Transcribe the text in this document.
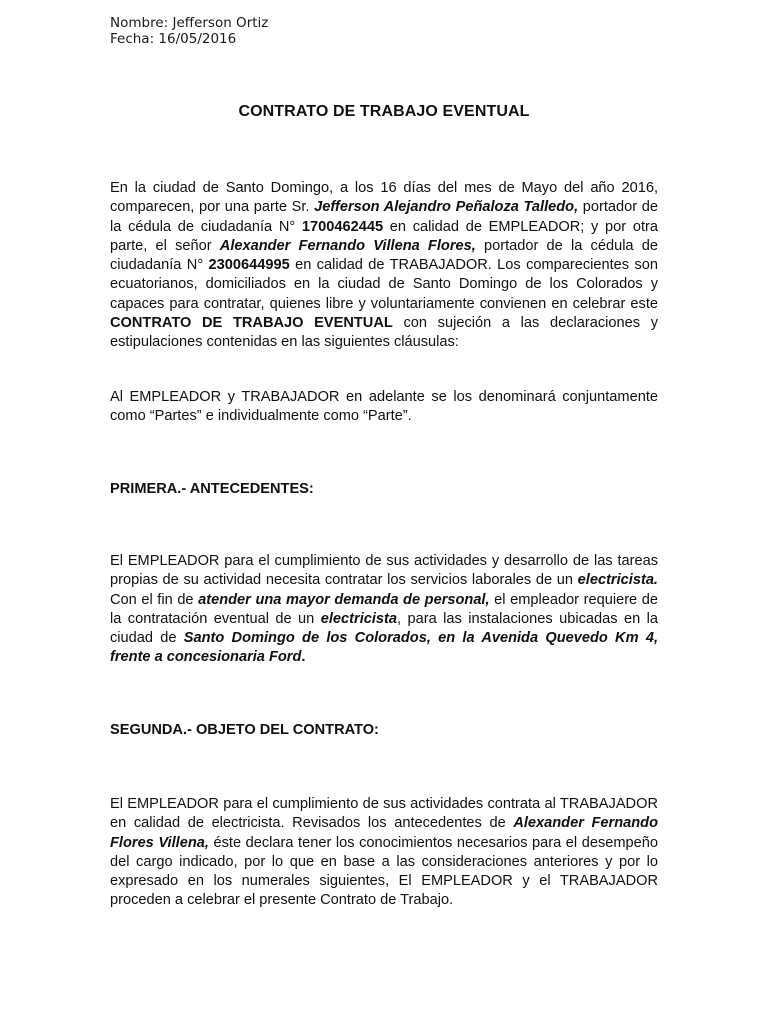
Nombre: Jefferson Ortiz
Fecha: 16/05/2016
CONTRATO DE TRABAJO EVENTUAL

En la ciudad de Santo Domingo, a los 16 días del mes de Mayo del año 2016, comparecen, por una parte Sr. Jefferson Alejandro Peñaloza Talledo, portador de la cédula de ciudadanía N° 1700462445 en calidad de EMPLEADOR; y por otra parte, el señor Alexander Fernando Villena Flores, portador de la cédula de ciudadanía N° 2300644995 en calidad de TRABAJADOR. Los comparecientes son ecuatorianos, domiciliados en la ciudad de Santo Domingo de los Colorados y capaces para contratar, quienes libre y voluntariamente convienen en celebrar este CONTRATO DE TRABAJO EVENTUAL con sujeción a las declaraciones y estipulaciones contenidas en las siguientes cláusulas:

Al EMPLEADOR y TRABAJADOR en adelante se los denominará conjuntamente como “Partes” e individualmente como “Parte”.

PRIMERA.- ANTECEDENTES:

El EMPLEADOR para el cumplimiento de sus actividades y desarrollo de las tareas propias de su actividad necesita contratar los servicios laborales de un electricista. Con el fin de atender una mayor demanda de personal, el empleador requiere de la contratación eventual de un electricista, para las instalaciones ubicadas en la ciudad de Santo Domingo de los Colorados, en la Avenida Quevedo Km 4, frente a concesionaria Ford.

SEGUNDA.- OBJETO DEL CONTRATO:

El EMPLEADOR para el cumplimiento de sus actividades contrata al TRABAJADOR en calidad de electricista. Revisados los antecedentes de Alexander Fernando Flores Villena, éste declara tener los conocimientos necesarios para el desempeño del cargo indicado, por lo que en base a las consideraciones anteriores y por lo expresado en los numerales siguientes, El EMPLEADOR y el TRABAJADOR proceden a celebrar el presente Contrato de Trabajo.
